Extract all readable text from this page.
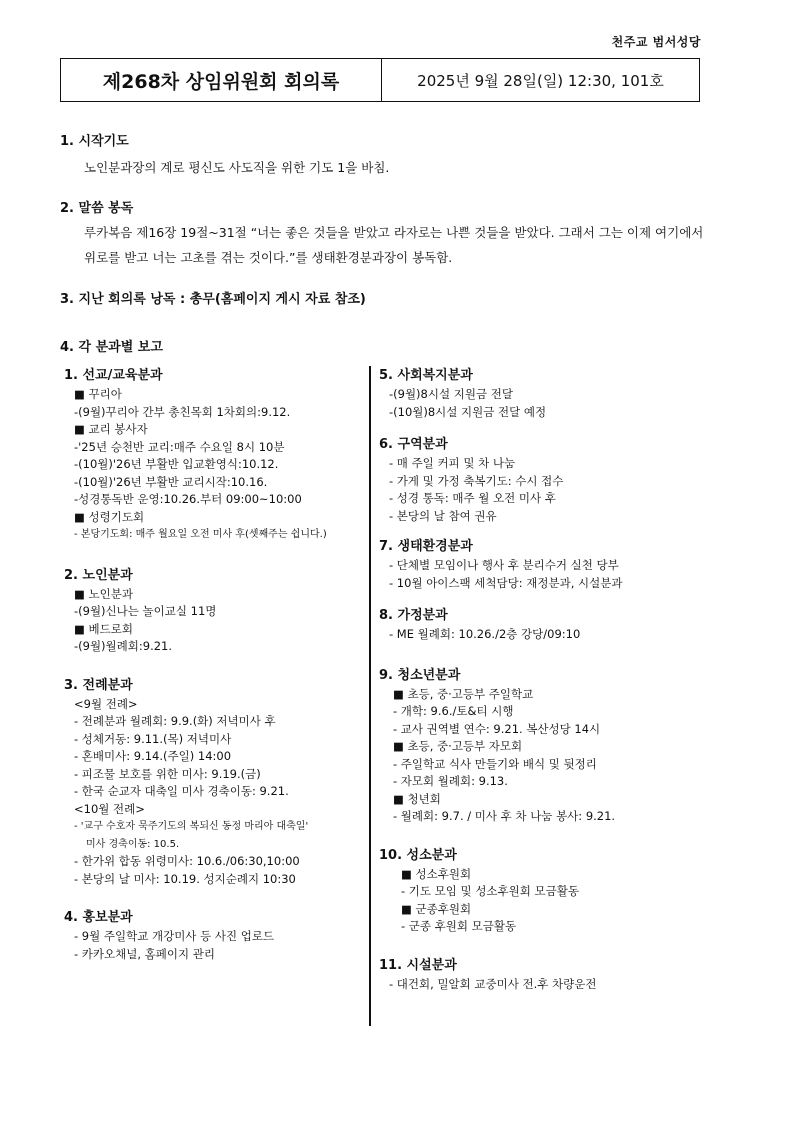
천주교 범서성당
제268차 상임위원회 회의록	2025년 9월 28일(일) 12:30, 101호
1. 시작기도
노인분과장의 계로 평신도 사도직을 위한 기도 1을 바침.
2. 말씀 봉독
루카복음 제16장 19절~31절 “너는 좋은 것들을 받았고 라자로는 나쁜 것들을 받았다. 그래서 그는 이제 여기에서 위로를 받고 너는 고초를 겪는 것이다.”를 생태환경분과장이 봉독함.
3. 지난 회의록 낭독 : 총무(홈페이지 게시 자료 참조)
4. 각 분과별 보고
1. 선교/교육분과
■ 꾸리아
-(9월)꾸리아 간부 총친목회 1차회의:9.12.
■ 교리 봉사자
-'25년 승천반 교리:매주 수요일 8시 10분
-(10월)'26년 부활반 입교환영식:10.12.
-(10월)'26년 부활반 교리시작:10.16.
-성경통독반 운영:10.26.부터 09:00~10:00
■ 성령기도회
- 본당기도회: 매주 월요일 오전 미사 후(셋째주는 쉽니다.)
2. 노인분과
■ 노인분과
-(9월)신나는 놀이교실 11명
■ 베드로회
-(9월)월례회:9.21.
3. 전례분과
<9월 전례>
- 전례분과 월례회: 9.9.(화) 저녁미사 후
- 성체거동: 9.11.(목) 저녁미사
- 혼배미사: 9.14.(주일) 14:00
- 피조물 보호를 위한 미사: 9.19.(금)
- 한국 순교자 대축일 미사 경축이동: 9.21.
<10월 전례>
- '교구 수호자 묵주기도의 복되신 동정 마리아 대축일'
미사 경축이동: 10.5.
- 한가위 합동 위령미사: 10.6./06:30,10:00
- 본당의 날 미사: 10.19. 성지순례지 10:30
4. 홍보분과
- 9월 주일학교 개강미사 등 사진 업로드
- 카카오채널, 홈페이지 관리
5. 사회복지분과
-(9월)8시설 지원금 전달
-(10월)8시설 지원금 전달 예정
6. 구역분과
- 매 주일 커피 및 차 나눔
- 가게 및 가정 축복기도: 수시 접수
- 성경 통독: 매주 월 오전 미사 후
- 본당의 날 참여 권유
7. 생태환경분과
- 단체별 모임이나 행사 후 분리수거 실천 당부
- 10월 아이스팩 세척담당: 재정분과, 시설분과
8. 가정분과
- ME 월례회: 10.26./2층 강당/09:10
9. 청소년분과
■ 초등, 중·고등부 주일학교
- 개학: 9.6./토&티 시행
- 교사 권역별 연수: 9.21. 복산성당 14시
■ 초등, 중·고등부 자모회
- 주일학교 식사 만들기와 배식 및 뒷정리
- 자모회 월례회: 9.13.
■ 청년회
- 월례회: 9.7. / 미사 후 차 나눔 봉사: 9.21.
10. 성소분과
■ 성소후원회
- 기도 모임 및 성소후원회 모금활동
■ 군종후원회
- 군종 후원회 모금활동
11. 시설분과
- 대건회, 밀알회 교중미사 전.후 차량운전
